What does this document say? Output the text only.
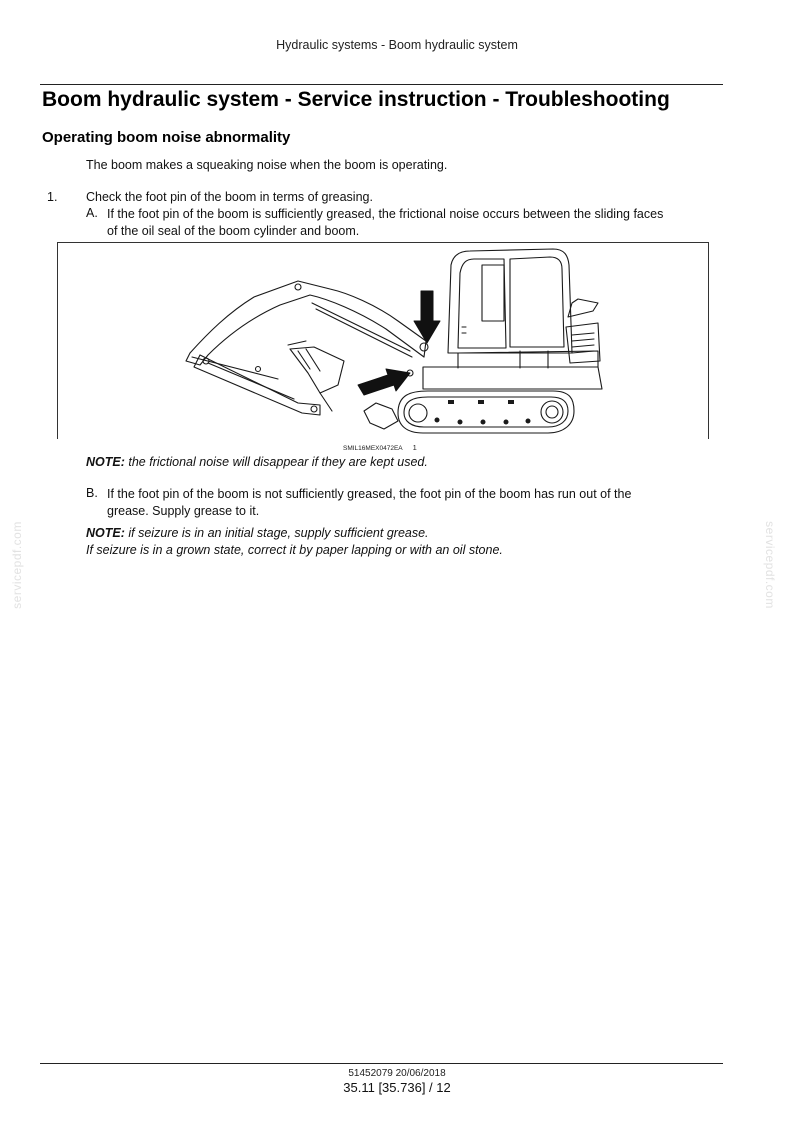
Hydraulic systems - Boom hydraulic system
Boom hydraulic system - Service instruction - Troubleshooting
Operating boom noise abnormality
The boom makes a squeaking noise when the boom is operating.
1. Check the foot pin of the boom in terms of greasing.
A. If the foot pin of the boom is sufficiently greased, the frictional noise occurs between the sliding faces
of the oil seal of the boom cylinder and boom.
SMIL16MEX0472EA 1
NOTE: the frictional noise will disappear if they are kept used.
B. If the foot pin of the boom is not sufficiently greased, the foot pin of the boom has run out of the
grease. Supply grease to it.
NOTE: if seizure is in an initial stage, supply sufficient grease.
If seizure is in a grown state, correct it by paper lapping or with an oil stone.
servicepdf.com	servicepdf.com
51452079 20/06/2018
35.11 [35.736] / 12
